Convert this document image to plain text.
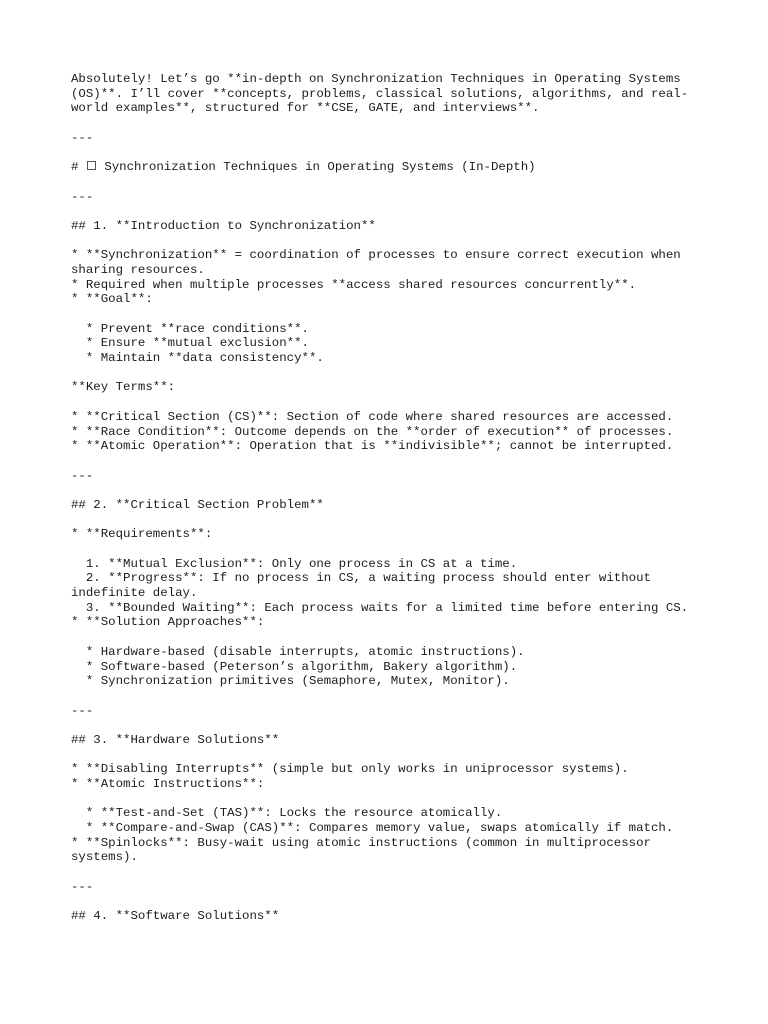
Absolutely! Let’s go **in-depth on Synchronization Techniques in Operating Systems
(OS)**. I’ll cover **concepts, problems, classical solutions, algorithms, and real-
world examples**, structured for **CSE, GATE, and interviews**.
---
# Synchronization Techniques in Operating Systems (In-Depth)
---
## 1. **Introduction to Synchronization**
* **Synchronization** = coordination of processes to ensure correct execution when
sharing resources.
* Required when multiple processes **access shared resources concurrently**.
* **Goal**:
* Prevent **race conditions**.
* Ensure **mutual exclusion**.
* Maintain **data consistency**.
**Key Terms**:
* **Critical Section (CS)**: Section of code where shared resources are accessed.
* **Race Condition**: Outcome depends on the **order of execution** of processes.
* **Atomic Operation**: Operation that is **indivisible**; cannot be interrupted.
---
## 2. **Critical Section Problem**
* **Requirements**:
1. **Mutual Exclusion**: Only one process in CS at a time.
2. **Progress**: If no process in CS, a waiting process should enter without
indefinite delay.
3. **Bounded Waiting**: Each process waits for a limited time before entering CS.
* **Solution Approaches**:
* Hardware-based (disable interrupts, atomic instructions).
* Software-based (Peterson’s algorithm, Bakery algorithm).
* Synchronization primitives (Semaphore, Mutex, Monitor).
---
## 3. **Hardware Solutions**
* **Disabling Interrupts** (simple but only works in uniprocessor systems).
* **Atomic Instructions**:
* **Test-and-Set (TAS)**: Locks the resource atomically.
* **Compare-and-Swap (CAS)**: Compares memory value, swaps atomically if match.
* **Spinlocks**: Busy-wait using atomic instructions (common in multiprocessor
systems).
---
## 4. **Software Solutions**
